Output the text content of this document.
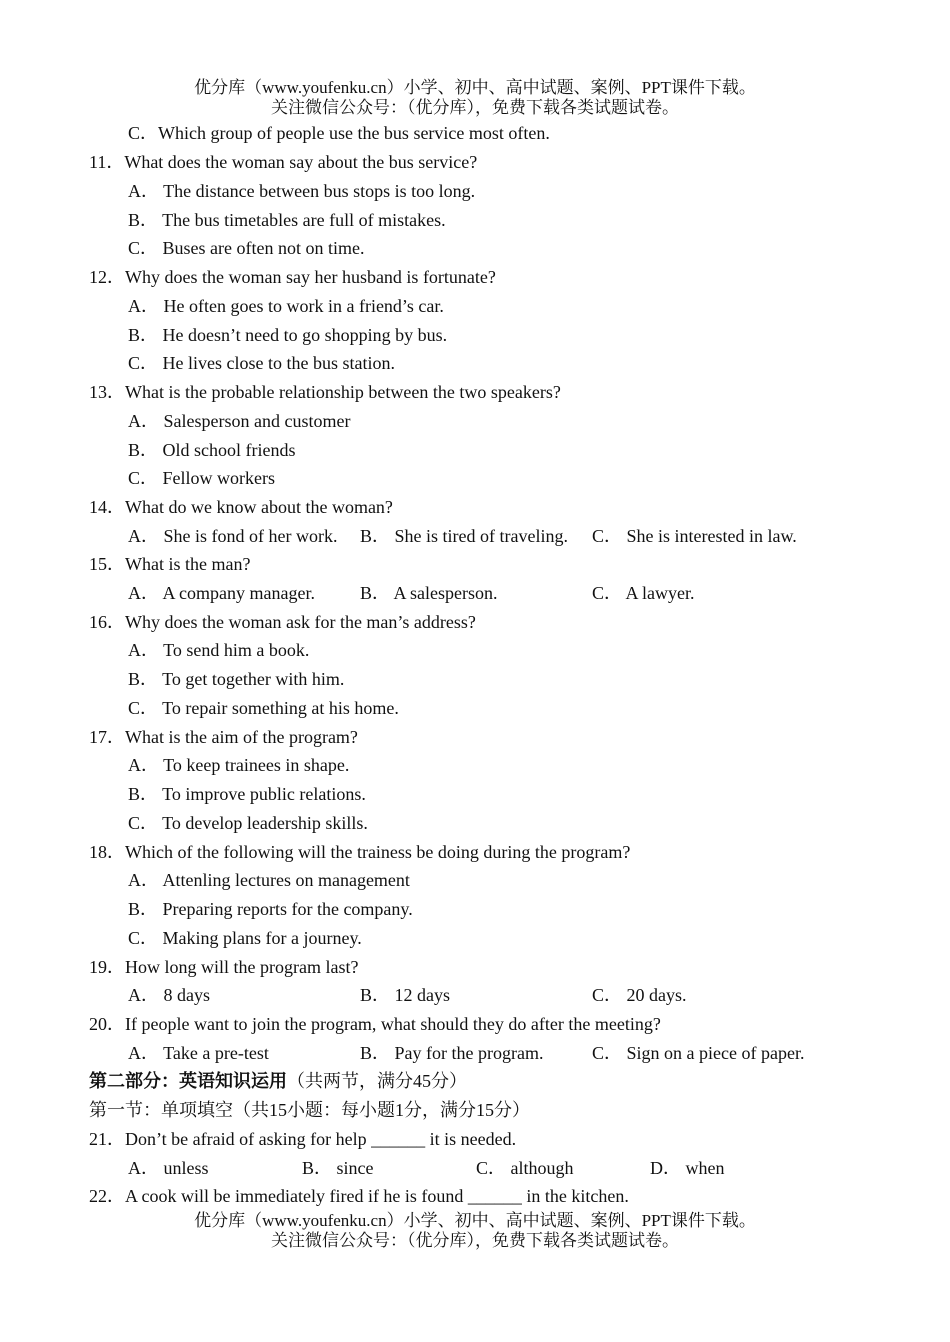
优分库（www.youfenku.cn）小学、初中、高中试题、案例、PPT课件下载。
关注微信公众号：（优分库），免费下载各类试题试卷。
C．Which group of people use the bus service most often.
11．What does the woman say about the bus service?
A． The distance between bus stops is too long.
B． The bus timetables are full of mistakes.
C． Buses are often not on time.
12．Why does the woman say her husband is fortunate?
A． He often goes to work in a friend’s car.
B． He doesn’t need to go shopping by bus.
C． He lives close to the bus station.
13．What is the probable relationship between the two speakers?
A． Salesperson and customer
B． Old school friends
C． Fellow workers
14．What do we know about the woman?
A． She is fond of her work. B． She is tired of traveling. C． She is interested in law.
15．What is the man?
A． A company manager.	B． A salesperson.	C． A lawyer.
16．Why does the woman ask for the man’s address?
A． To send him a book.
B． To get together with him.
C． To repair something at his home.
17．What is the aim of the program?
A． To keep trainees in shape.
B． To improve public relations.
C． To develop leadership skills.
18．Which of the following will the trainess be doing during the program?
A． Attenling lectures on management
B． Preparing reports for the company.
C． Making plans for a journey.
19．How long will the program last?
A． 8 days	B． 12 days	C． 20 days.
20．If people want to join the program, what should they do after the meeting?
A． Take a pre-test	B． Pay for the program.	C． Sign on a piece of paper.
第二部分：英语知识运用（共两节，满分45分）
第一节：单项填空（共15小题：每小题1分，满分15分）
21．Don’t be afraid of asking for help ______ it is needed.
A． unless	B． since	C． although	D． when
22．A cook will be immediately fired if he is found ______ in the kitchen.
优分库（www.youfenku.cn）小学、初中、高中试题、案例、PPT课件下载。
关注微信公众号：（优分库），免费下载各类试题试卷。
